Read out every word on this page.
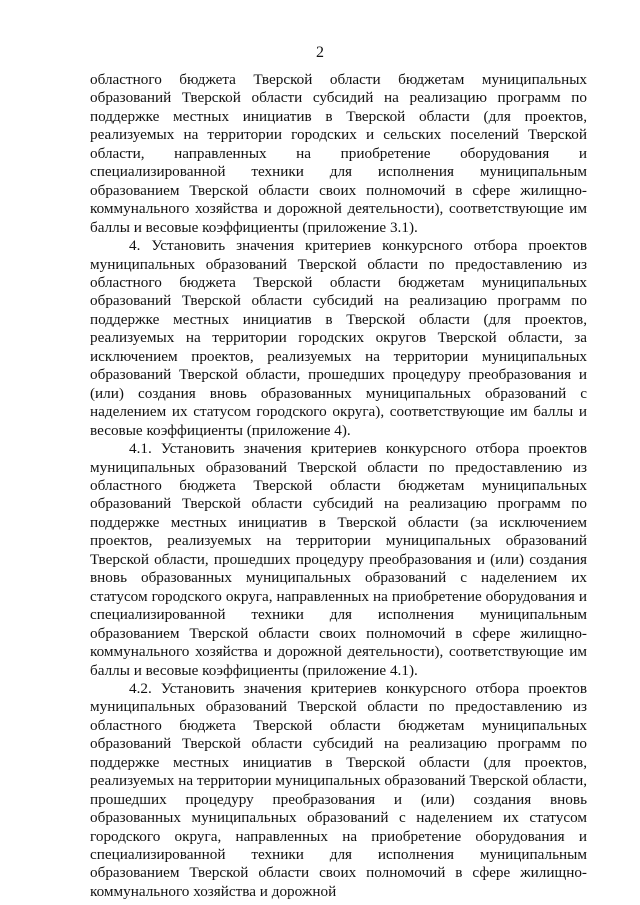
2

областного бюджета Тверской области бюджетам муниципальных образований Тверской области субсидий на реализацию программ по поддержке местных инициатив в Тверской области (для проектов, реализуемых на территории городских и сельских поселений Тверской области, направленных на приобретение оборудования и специализированной техники для исполнения муниципальным образованием Тверской области своих полномочий в сфере жилищно-коммунального хозяйства и дорожной деятельности), соответствующие им баллы и весовые коэффициенты (приложение 3.1).

4. Установить значения критериев конкурсного отбора проектов муниципальных образований Тверской области по предоставлению из областного бюджета Тверской области бюджетам муниципальных образований Тверской области субсидий на реализацию программ по поддержке местных инициатив в Тверской области (для проектов, реализуемых на территории городских округов Тверской области, за исключением проектов, реализуемых на территории муниципальных образований Тверской области, прошедших процедуру преобразования и (или) создания вновь образованных муниципальных образований с наделением их статусом городского округа), соответствующие им баллы и весовые коэффициенты (приложение 4).

4.1. Установить значения критериев конкурсного отбора проектов муниципальных образований Тверской области по предоставлению из областного бюджета Тверской области бюджетам муниципальных образований Тверской области субсидий на реализацию программ по поддержке местных инициатив в Тверской области (за исключением проектов, реализуемых на территории муниципальных образований Тверской области, прошедших процедуру преобразования и (или) создания вновь образованных муниципальных образований с наделением их статусом городского округа, направленных на приобретение оборудования и специализированной техники для исполнения муниципальным образованием Тверской области своих полномочий в сфере жилищно-коммунального хозяйства и дорожной деятельности), соответствующие им баллы и весовые коэффициенты (приложение 4.1).

4.2. Установить значения критериев конкурсного отбора проектов муниципальных образований Тверской области по предоставлению из областного бюджета Тверской области бюджетам муниципальных образований Тверской области субсидий на реализацию программ по поддержке местных инициатив в Тверской области (для проектов, реализуемых на территории муниципальных образований Тверской области, прошедших процедуру преобразования и (или) создания вновь образованных муниципальных образований с наделением их статусом городского округа, направленных на приобретение оборудования и специализированной техники для исполнения муниципальным образованием Тверской области своих полномочий в сфере жилищно-коммунального хозяйства и дорожной
